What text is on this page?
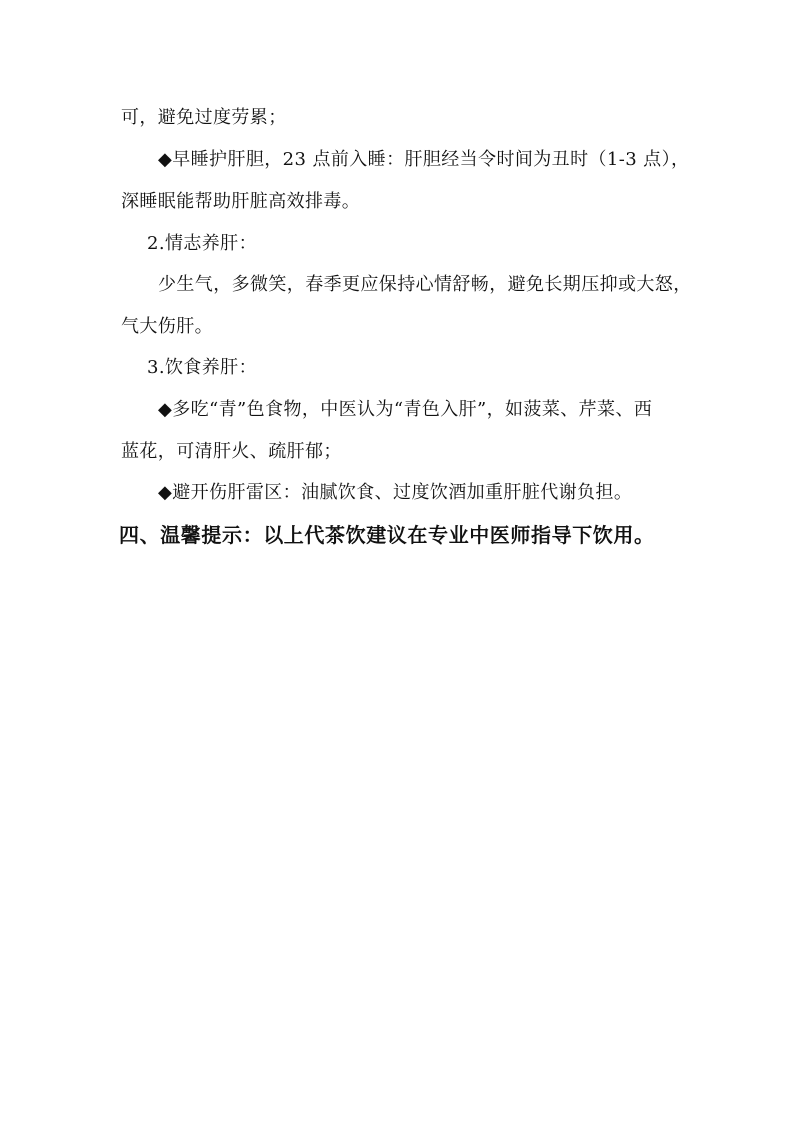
可，避免过度劳累；
◆早睡护肝胆，23 点前入睡：肝胆经当令时间为丑时（1-3 点），
深睡眠能帮助肝脏高效排毒。
2.情志养肝：
少生气，多微笑，春季更应保持心情舒畅，避免长期压抑或大怒，
气大伤肝。
3.饮食养肝：
◆多吃“青”色食物，中医认为“青色入肝”，如菠菜、芹菜、西
蓝花，可清肝火、疏肝郁；
◆避开伤肝雷区：油腻饮食、过度饮酒加重肝脏代谢负担。
四、温馨提示：以上代茶饮建议在专业中医师指导下饮用。
